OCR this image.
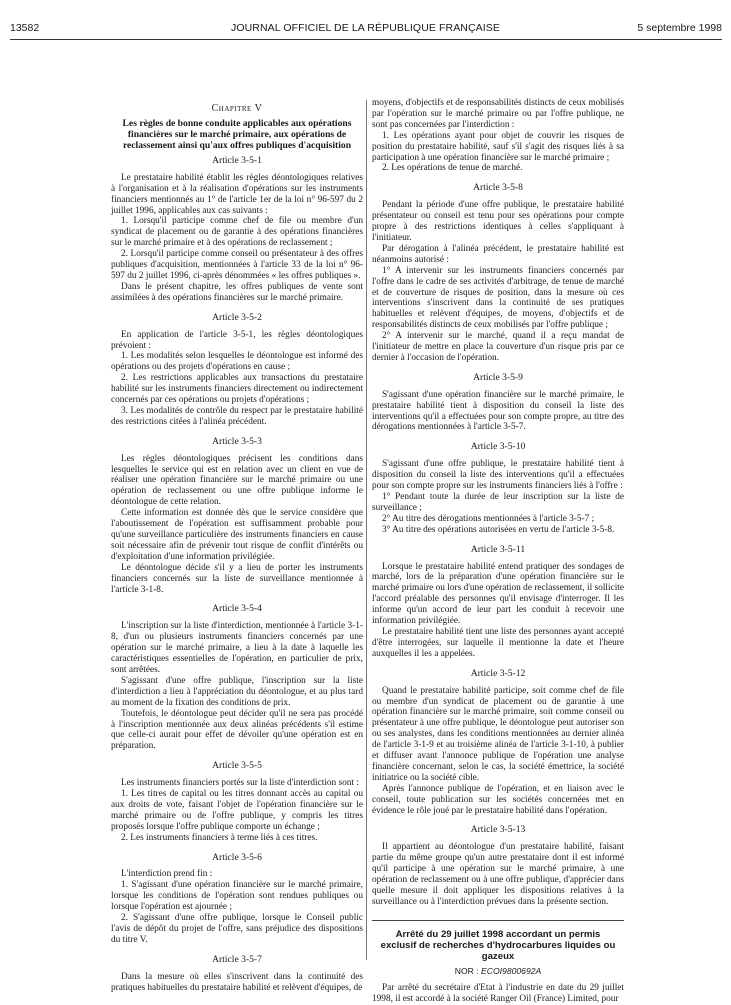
13582	JOURNAL OFFICIEL DE LA RÉPUBLIQUE FRANÇAISE	5 septembre 1998
Chapitre V
Les règles de bonne conduite applicables aux opérations financières sur le marché primaire, aux opérations de reclassement ainsi qu'aux offres publiques d'acquisition
Article 3-5-1

Le prestataire habilité établit les règles déontologiques relatives à l'organisation et à la réalisation d'opérations sur les instruments financiers mentionnés au 1° de l'article 1er de la loi n° 96-597 du 2 juillet 1996, applicables aux cas suivants :

1. Lorsqu'il participe comme chef de file ou membre d'un syndicat de placement ou de garantie à des opérations financières sur le marché primaire et à des opérations de reclassement ;

2. Lorsqu'il participe comme conseil ou présentateur à des offres publiques d'acquisition, mentionnées à l'article 33 de la loi n° 96-597 du 2 juillet 1996, ci-après dénommées « les offres publiques ».

Dans le présent chapitre, les offres publiques de vente sont assimilées à des opérations financières sur le marché primaire.

Article 3-5-2

En application de l'article 3-5-1, les règles déontologiques prévoient :

1. Les modalités selon lesquelles le déontologue est informé des opérations ou des projets d'opérations en cause ;

2. Les restrictions applicables aux transactions du prestataire habilité sur les instruments financiers directement ou indirectement concernés par ces opérations ou projets d'opérations ;

3. Les modalités de contrôle du respect par le prestataire habilité des restrictions citées à l'alinéa précédent.

Article 3-5-3

Les règles déontologiques précisent les conditions dans lesquelles le service qui est en relation avec un client en vue de réaliser une opération financière sur le marché primaire ou une opération de reclassement ou une offre publique informe le déontologue de cette relation.

Cette information est donnée dès que le service considère que l'aboutissement de l'opération est suffisamment probable pour qu'une surveillance particulière des instruments financiers en cause soit nécessaire afin de prévenir tout risque de conflit d'intérêts ou d'exploitation d'une information privilégiée.

Le déontologue décide s'il y a lieu de porter les instruments financiers concernés sur la liste de surveillance mentionnée à l'article 3-1-8.

Article 3-5-4

L'inscription sur la liste d'interdiction, mentionnée à l'article 3-1-8, d'un ou plusieurs instruments financiers concernés par une opération sur le marché primaire, a lieu à la date à laquelle les caractéristiques essentielles de l'opération, en particulier de prix, sont arrêtées.

S'agissant d'une offre publique, l'inscription sur la liste d'interdiction a lieu à l'appréciation du déontologue, et au plus tard au moment de la fixation des conditions de prix.

Toutefois, le déontologue peut décider qu'il ne sera pas procédé à l'inscription mentionnée aux deux alinéas précédents s'il estime que celle-ci aurait pour effet de dévoiler qu'une opération est en préparation.

Article 3-5-5

Les instruments financiers portés sur la liste d'interdiction sont :

1. Les titres de capital ou les titres donnant accès au capital ou aux droits de vote, faisant l'objet de l'opération financière sur le marché primaire ou de l'offre publique, y compris les titres proposés lorsque l'offre publique comporte un échange ;

2. Les instruments financiers à terme liés à ces titres.

Article 3-5-6

L'interdiction prend fin :

1. S'agissant d'une opération financière sur le marché primaire, lorsque les conditions de l'opération sont rendues publiques ou lorsque l'opération est ajournée ;

2. S'agissant d'une offre publique, lorsque le Conseil public l'avis de dépôt du projet de l'offre, sans préjudice des dispositions du titre V.

Article 3-5-7

Dans la mesure où elles s'inscrivent dans la continuité des pratiques habituelles du prestataire habilité et relèvent d'équipes, de

moyens, d'objectifs et de responsabilités distincts de ceux mobilisés par l'opération sur le marché primaire ou par l'offre publique, ne sont pas concernées par l'interdiction :

1. Les opérations ayant pour objet de couvrir les risques de position du prestataire habilité, sauf s'il s'agit des risques liés à sa participation à une opération financière sur le marché primaire ;

2. Les opérations de tenue de marché.

Article 3-5-8

Pendant la période d'une offre publique, le prestataire habilité présentateur ou conseil est tenu pour ses opérations pour compte propre à des restrictions identiques à celles s'appliquant à l'initiateur.

Par dérogation à l'alinéa précédent, le prestataire habilité est néanmoins autorisé :

1° A intervenir sur les instruments financiers concernés par l'offre dans le cadre de ses activités d'arbitrage, de tenue de marché et de couverture de risques de position, dans la mesure où ces interventions s'inscrivent dans la continuité de ses pratiques habituelles et relèvent d'équipes, de moyens, d'objectifs et de responsabilités distincts de ceux mobilisés par l'offre publique ;

2° A intervenir sur le marché, quand il a reçu mandat de l'initiateur de mettre en place la couverture d'un risque pris par ce dernier à l'occasion de l'opération.

Article 3-5-9

S'agissant d'une opération financière sur le marché primaire, le prestataire habilité tient à disposition du conseil la liste des interventions qu'il a effectuées pour son compte propre, au titre des dérogations mentionnées à l'article 3-5-7.

Article 3-5-10

S'agissant d'une offre publique, le prestataire habilité tient à disposition du conseil la liste des interventions qu'il a effectuées pour son compte propre sur les instruments financiers liés à l'offre :

1° Pendant toute la durée de leur inscription sur la liste de surveillance ;

2° Au titre des dérogations mentionnées à l'article 3-5-7 ;

3° Au titre des opérations autorisées en vertu de l'article 3-5-8.

Article 3-5-11

Lorsque le prestataire habilité entend pratiquer des sondages de marché, lors de la préparation d'une opération financière sur le marché primaire ou lors d'une opération de reclassement, il sollicite l'accord préalable des personnes qu'il envisage d'interroger. Il les informe qu'un accord de leur part les conduit à recevoir une information privilégiée.

Le prestataire habilité tient une liste des personnes ayant accepté d'être interrogées, sur laquelle il mentionne la date et l'heure auxquelles il les a appelées.

Article 3-5-12

Quand le prestataire habilité participe, soit comme chef de file ou membre d'un syndicat de placement ou de garantie à une opération financière sur le marché primaire, soit comme conseil ou présentateur à une offre publique, le déontologue peut autoriser son ou ses analystes, dans les conditions mentionnées au dernier alinéa de l'article 3-1-9 et au troisième alinéa de l'article 3-1-10, à publier et diffuser avant l'annonce publique de l'opération une analyse financière concernant, selon le cas, la société émettrice, la société initiatrice ou la société cible.

Après l'annonce publique de l'opération, et en liaison avec le conseil, toute publication sur les sociétés concernées met en évidence le rôle joué par le prestataire habilité dans l'opération.

Article 3-5-13

Il appartient au déontologue d'un prestataire habilité, faisant partie du même groupe qu'un autre prestataire dont il est informé qu'il participe à une opération sur le marché primaire, à une opération de reclassement ou à une offre publique, d'apprécier dans quelle mesure il doit appliquer les dispositions relatives à la surveillance ou à l'interdiction prévues dans la présente section.

Arrêté du 29 juillet 1998 accordant un permis exclusif de recherches d'hydrocarbures liquides ou gazeux
NOR : ECOI9800692A

Par arrêté du secrétaire d'Etat à l'industrie en date du 29 juillet 1998, il est accordé à la société Ranger Oil (France) Limited, pour
